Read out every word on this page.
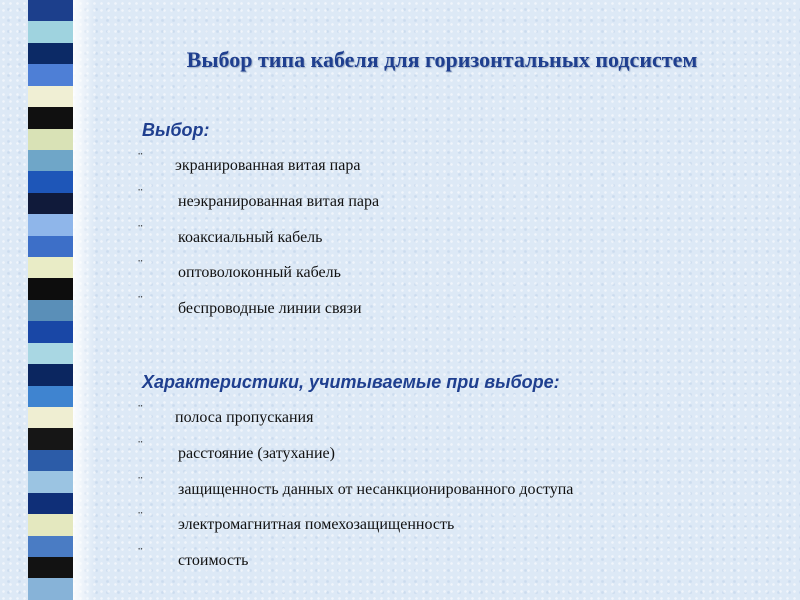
Выбор типа кабеля для горизонтальных подсистем
Выбор:
¨ экранированная витая пара
¨ неэкранированная витая пара
¨ коаксиальный кабель
¨ оптоволоконный кабель
¨ беспроводные линии связи
Характеристики, учитываемые при выборе:
¨ полоса пропускания
¨ расстояние (затухание)
¨ защищенность данных от несанкционированного доступа
¨ электромагнитная помехозащищенность
¨ стоимость
